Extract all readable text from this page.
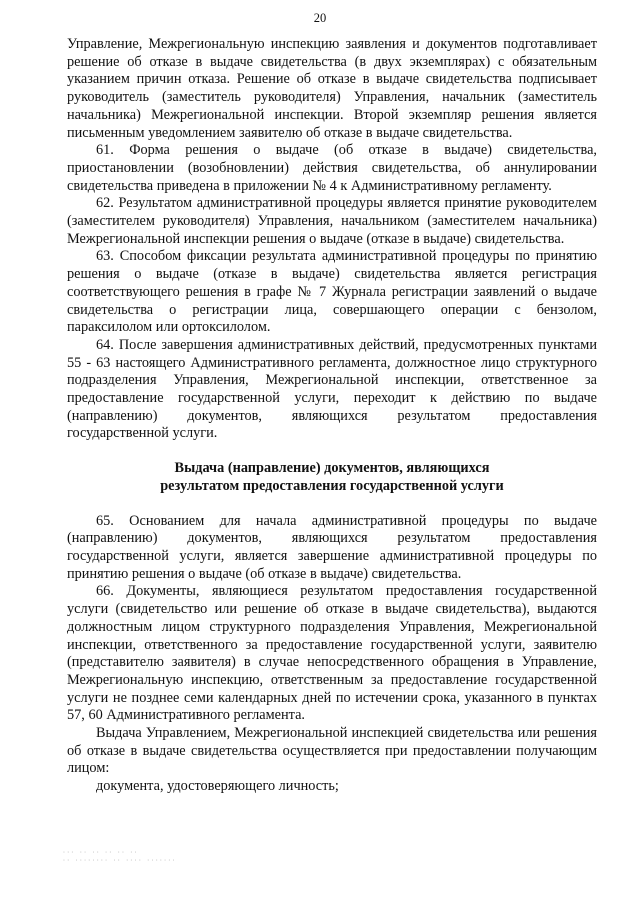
20

Управление, Межрегиональную инспекцию заявления и документов подготавливает решение об отказе в выдаче свидетельства (в двух экземплярах) с обязательным указанием причин отказа. Решение об отказе в выдаче свидетельства подписывает руководитель (заместитель руководителя) Управления, начальник (заместитель начальника) Межрегиональной инспекции. Второй экземпляр решения является письменным уведомлением заявителю об отказе в выдаче свидетельства.

61. Форма решения о выдаче (об отказе в выдаче) свидетельства, приостановлении (возобновлении) действия свидетельства, об аннулировании свидетельства приведена в приложении № 4 к Административному регламенту.

62. Результатом административной процедуры является принятие руководителем (заместителем руководителя) Управления, начальником (заместителем начальника) Межрегиональной инспекции решения о выдаче (отказе в выдаче) свидетельства.

63. Способом фиксации результата административной процедуры по принятию решения о выдаче (отказе в выдаче) свидетельства является регистрация соответствующего решения в графе № 7 Журнала регистрации заявлений о выдаче свидетельства о регистрации лица, совершающего операции с бензолом, параксилолом или ортоксилолом.

64. После завершения административных действий, предусмотренных пунктами 55 - 63 настоящего Административного регламента, должностное лицо структурного подразделения Управления, Межрегиональной инспекции, ответственное за предоставление государственной услуги, переходит к действию по выдаче (направлению) документов, являющихся результатом предоставления государственной услуги.

Выдача (направление) документов, являющихся

результатом предоставления государственной услуги

65. Основанием для начала административной процедуры по выдаче (направлению) документов, являющихся результатом предоставления государственной услуги, является завершение административной процедуры по принятию решения о выдаче (об отказе в выдаче) свидетельства.

66. Документы, являющиеся результатом предоставления государственной услуги (свидетельство или решение об отказе в выдаче свидетельства), выдаются должностным лицом структурного подразделения Управления, Межрегиональной инспекции, ответственного за предоставление государственной услуги, заявителю (представителю заявителя) в случае непосредственного обращения в Управление, Межрегиональную инспекцию, ответственным за предоставление государственной услуги не позднее семи календарных дней по истечении срока, указанного в пунктах 57, 60 Административного регламента.

Выдача Управлением, Межрегиональной инспекцией свидетельства или решения об отказе в выдаче свидетельства осуществляется при предоставлении получающим лицом:

документа, удостоверяющего личность;

··· ·· ·· ·· ·· ··
·· ········ ·· ···· ·······
